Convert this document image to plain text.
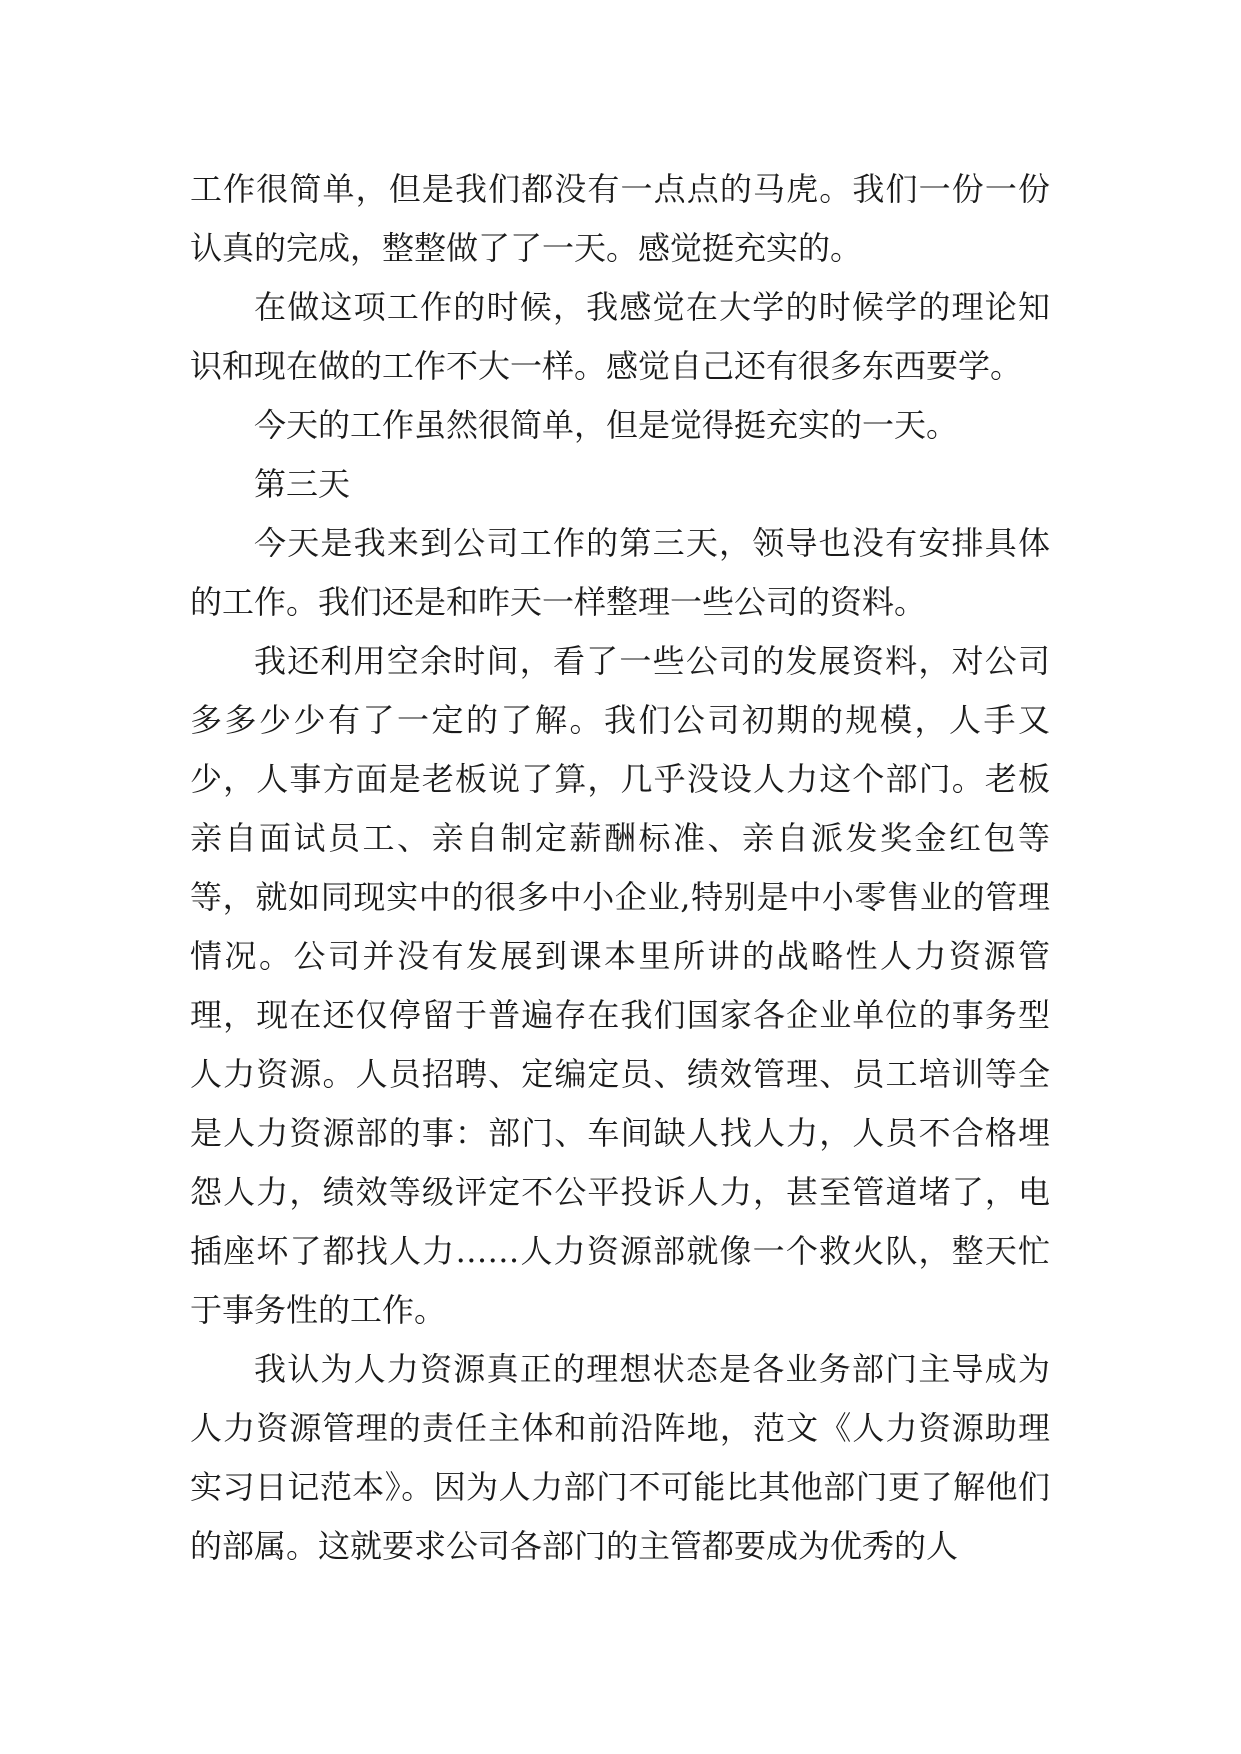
工作很简单，但是我们都没有一点点的马虎。我们一份一份认真的完成，整整做了了一天。感觉挺充实的。

在做这项工作的时候，我感觉在大学的时候学的理论知识和现在做的工作不大一样。感觉自己还有很多东西要学。

今天的工作虽然很简单，但是觉得挺充实的一天。

第三天

今天是我来到公司工作的第三天，领导也没有安排具体的工作。我们还是和昨天一样整理一些公司的资料。

我还利用空余时间，看了一些公司的发展资料，对公司多多少少有了一定的了解。我们公司初期的规模，人手又少，人事方面是老板说了算，几乎没设人力这个部门。老板亲自面试员工、亲自制定薪酬标准、亲自派发奖金红包等等，就如同现实中的很多中小企业,特别是中小零售业的管理情况。公司并没有发展到课本里所讲的战略性人力资源管理，现在还仅停留于普遍存在我们国家各企业单位的事务型人力资源。人员招聘、定编定员、绩效管理、员工培训等全是人力资源部的事：部门、车间缺人找人力，人员不合格埋怨人力，绩效等级评定不公平投诉人力，甚至管道堵了，电插座坏了都找人力……人力资源部就像一个救火队，整天忙于事务性的工作。

我认为人力资源真正的理想状态是各业务部门主导成为人力资源管理的责任主体和前沿阵地，范文《人力资源助理实习日记范本》。因为人力部门不可能比其他部门更了解他们的部属。这就要求公司各部门的主管都要成为优秀的人
